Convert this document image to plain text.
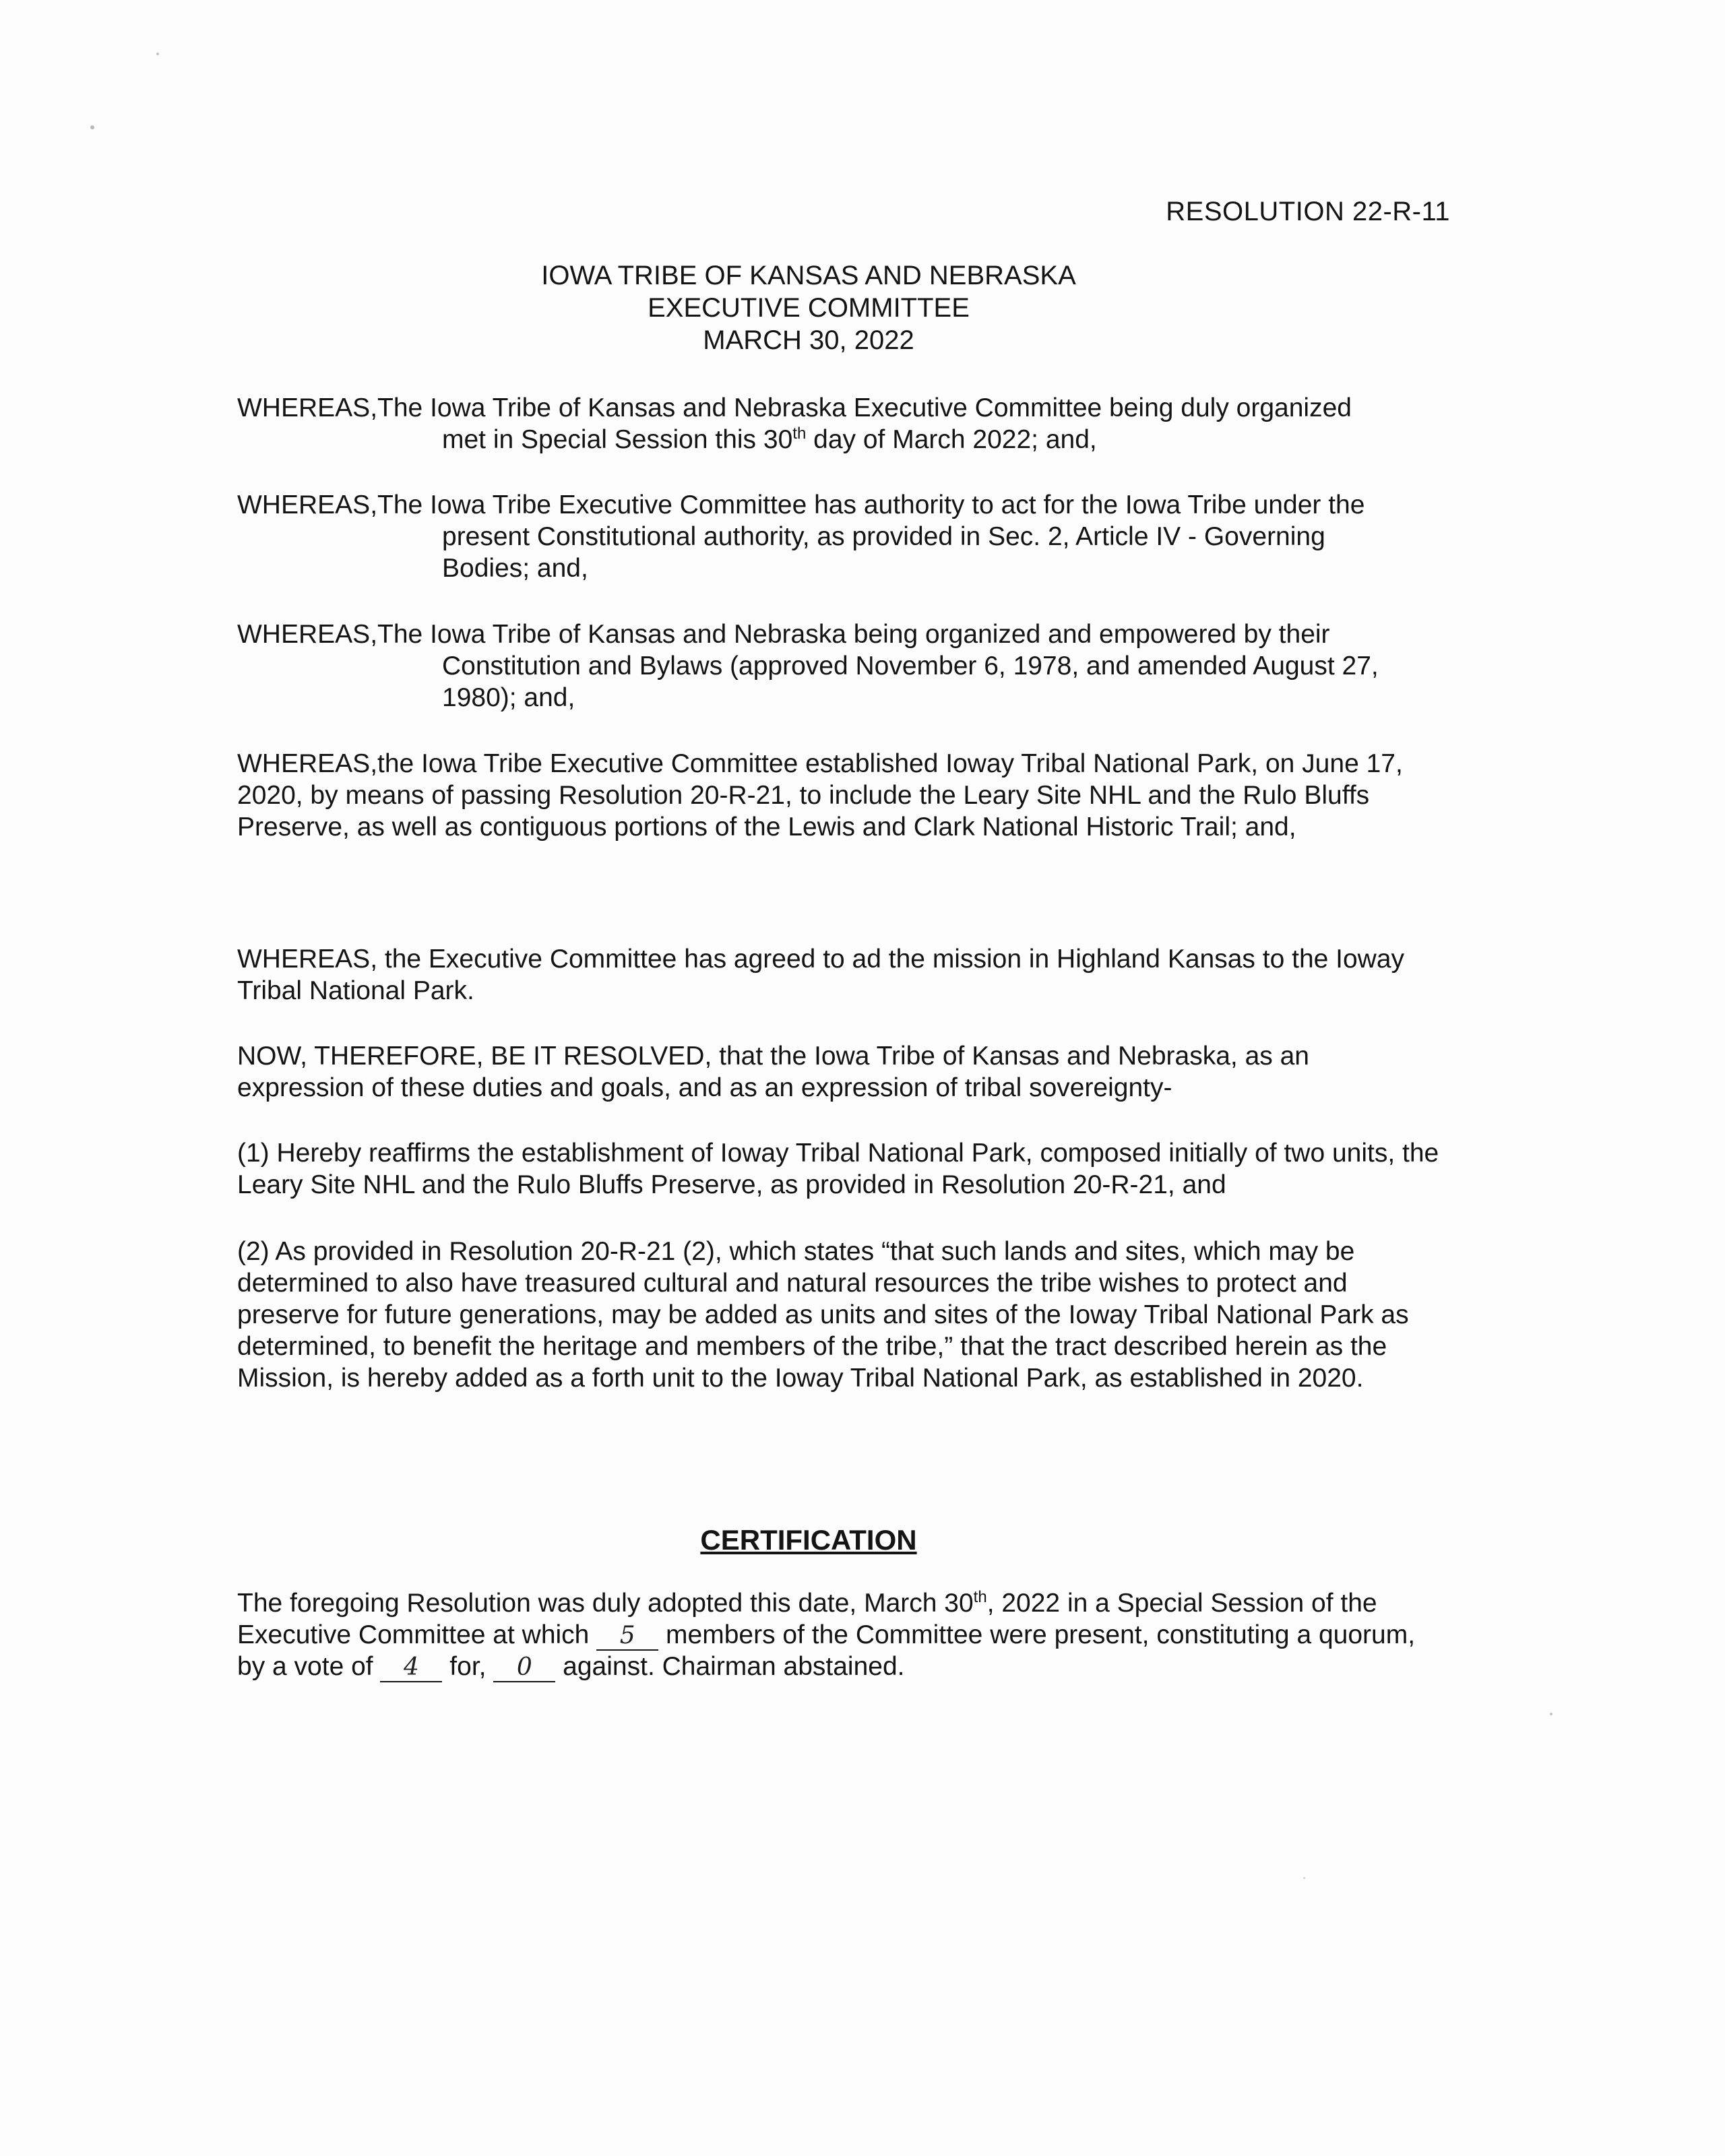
RESOLUTION 22-R-11
IOWA TRIBE OF KANSAS AND NEBRASKA
EXECUTIVE COMMITTEE
MARCH 30, 2022
WHEREAS,The Iowa Tribe of Kansas and Nebraska Executive Committee being duly organized
met in Special Session this 30th day of March 2022; and,
WHEREAS,The Iowa Tribe Executive Committee has authority to act for the Iowa Tribe under the
present Constitutional authority, as provided in Sec. 2, Article IV - Governing Bodies; and,
WHEREAS,The Iowa Tribe of Kansas and Nebraska being organized and empowered by their
Constitution and Bylaws (approved November 6, 1978, and amended August 27, 1980); and,
WHEREAS,the Iowa Tribe Executive Committee established Ioway Tribal National Park, on June 17, 2020, by means of passing Resolution 20-R-21, to include the Leary Site NHL and the Rulo Bluffs Preserve, as well as contiguous portions of the Lewis and Clark National Historic Trail; and,
WHEREAS, the Executive Committee has agreed to ad the mission in Highland Kansas to the Ioway Tribal National Park.
NOW, THEREFORE, BE IT RESOLVED, that the Iowa Tribe of Kansas and Nebraska, as an expression of these duties and goals, and as an expression of tribal sovereignty-
(1) Hereby reaffirms the establishment of Ioway Tribal National Park, composed initially of two units, the Leary Site NHL and the Rulo Bluffs Preserve, as provided in Resolution 20-R-21, and
(2) As provided in Resolution 20-R-21 (2), which states “that such lands and sites, which may be determined to also have treasured cultural and natural resources the tribe wishes to protect and preserve for future generations, may be added as units and sites of the Ioway Tribal National Park as determined, to benefit the heritage and members of the tribe,” that the tract described herein as the Mission, is hereby added as a forth unit to the Ioway Tribal National Park, as established in 2020.
CERTIFICATION
The foregoing Resolution was duly adopted this date, March 30th, 2022 in a Special Session of the Executive Committee at which 5 members of the Committee were present, constituting a quorum, by a vote of 4 for, 0 against. Chairman abstained.
